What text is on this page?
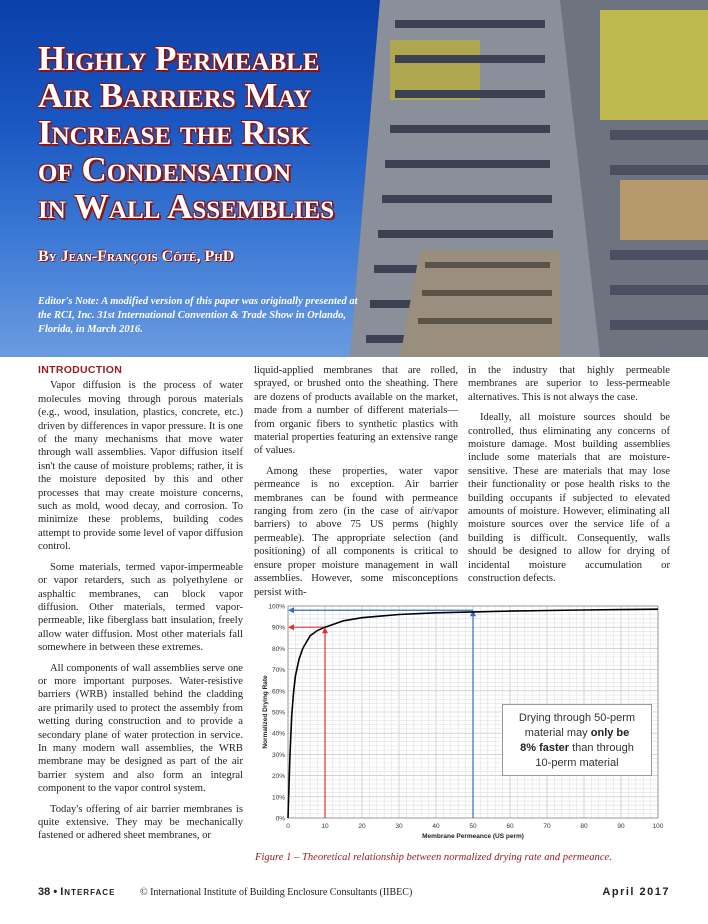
Highly Permeable
Air Barriers May
Increase the Risk
of Condensation
in Wall Assemblies
By Jean-François Côté, PhD
Editor's Note: A modified version of this paper was originally presented at the RCI, Inc. 31st International Convention & Trade Show in Orlando, Florida, in March 2016.
INTRODUCTION

Vapor diffusion is the process of water molecules moving through porous materials (e.g., wood, insulation, plastics, concrete, etc.) driven by differences in vapor pressure. It is one of the many mechanisms that move water through wall assemblies. Vapor diffusion itself isn't the cause of moisture problems; rather, it is the moisture deposited by this and other processes that may create moisture concerns, such as mold, wood decay, and corrosion. To minimize these problems, building codes attempt to provide some level of vapor diffusion control.

Some materials, termed vapor-impermeable or vapor retarders, such as polyethylene or asphaltic membranes, can block vapor diffusion. Other materials, termed vapor-permeable, like fiberglass batt insulation, freely allow water diffusion. Most other materials fall somewhere in between these extremes.

All components of wall assemblies serve one or more important purposes. Water-resistive barriers (WRB) installed behind the cladding are primarily used to protect the assembly from wetting during construction and to provide a secondary plane of water protection in service. In many modern wall assemblies, the WRB membrane may be designed as part of the air barrier system and also form an integral component to the vapor control system.

Today's offering of air barrier membranes is quite extensive. They may be mechanically fastened or adhered sheet membranes, or

liquid-applied membranes that are rolled, sprayed, or brushed onto the sheathing. There are dozens of products available on the market, made from a number of different materials—from organic fibers to synthetic plastics with material properties featuring an extensive range of values.

Among these properties, water vapor permeance is no exception. Air barrier membranes can be found with permeance ranging from zero (in the case of air/vapor barriers) to above 75 US perms (highly permeable). The appropriate selection (and positioning) of all components is critical to ensure proper moisture management in wall assemblies. However, some misconceptions persist with-

in the industry that highly permeable membranes are superior to less-permeable alternatives. This is not always the case.

Ideally, all moisture sources should be controlled, thus eliminating any concerns of moisture damage. Most building assemblies include some materials that are moisture-sensitive. These are materials that may lose their functionality or pose health risks to the building occupants if subjected to elevated amounts of moisture. However, eliminating all moisture sources over the service life of a building is difficult. Consequently, walls should be designed to allow for drying of incidental moisture accumulation or construction defects.

0	10	20	30	40	50	60	70	80	90	100
0%
10%
20%
30%
40%
50%
60%
70%
80%
90%
100%
Membrane Permeance (US perm)
Normalized Drying Rate	Drying through 50-perm
material may only be
8% faster than through
10-perm material
Figure 1 – Theoretical relationship between normalized drying rate and permeance.
38 • Interface © International Institute of Building Enclosure Consultants (IIBEC)	April 2017
